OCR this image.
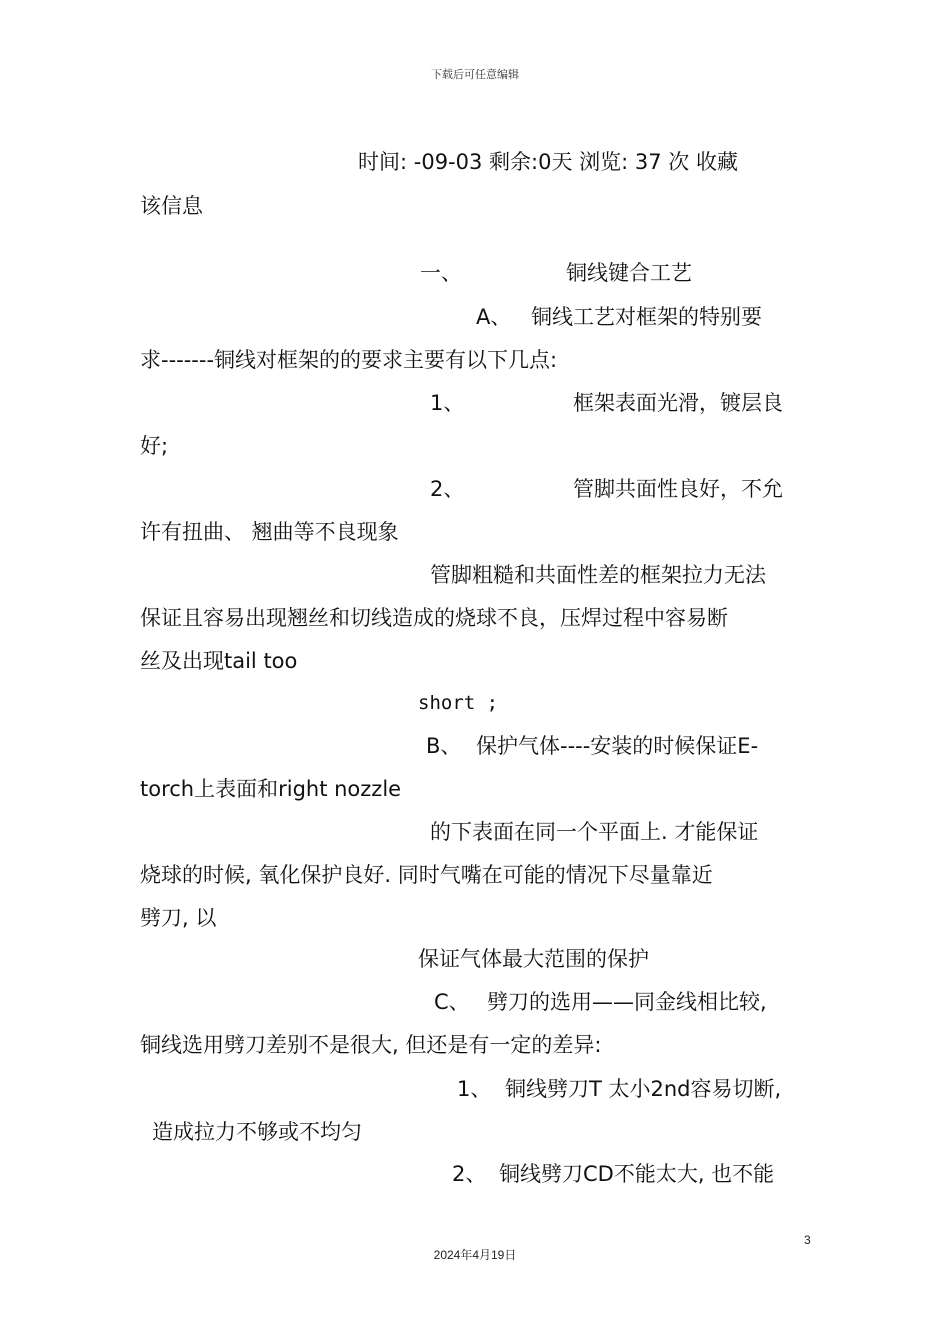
下载后可任意编辑
时间: -09-03 剩余:0天 浏览: 37 次 收藏
该信息
一、	铜线键合工艺
A、 铜线工艺对框架的特别要
求-------铜线对框架的的要求主要有以下几点:
1、	框架表面光滑，镀层良
好;
2、	管脚共面性良好，不允
许有扭曲、 翘曲等不良现象
管脚粗糙和共面性差的框架拉力无法
保证且容易出现翘丝和切线造成的烧球不良，压焊过程中容易断
丝及出现tail too
short ;
B、 保护气体----安装的时候保证E-
torch上表面和right nozzle
的下表面在同一个平面上. 才能保证
烧球的时候, 氧化保护良好. 同时气嘴在可能的情况下尽量靠近
劈刀, 以
保证气体最大范围的保护
C、 劈刀的选用——同金线相比较,
铜线选用劈刀差别不是很大, 但还是有一定的差异:
1、 铜线劈刀T 太小2nd容易切断,
造成拉力不够或不均匀
2、 铜线劈刀CD不能太大, 也不能
3
2024年4月19日
